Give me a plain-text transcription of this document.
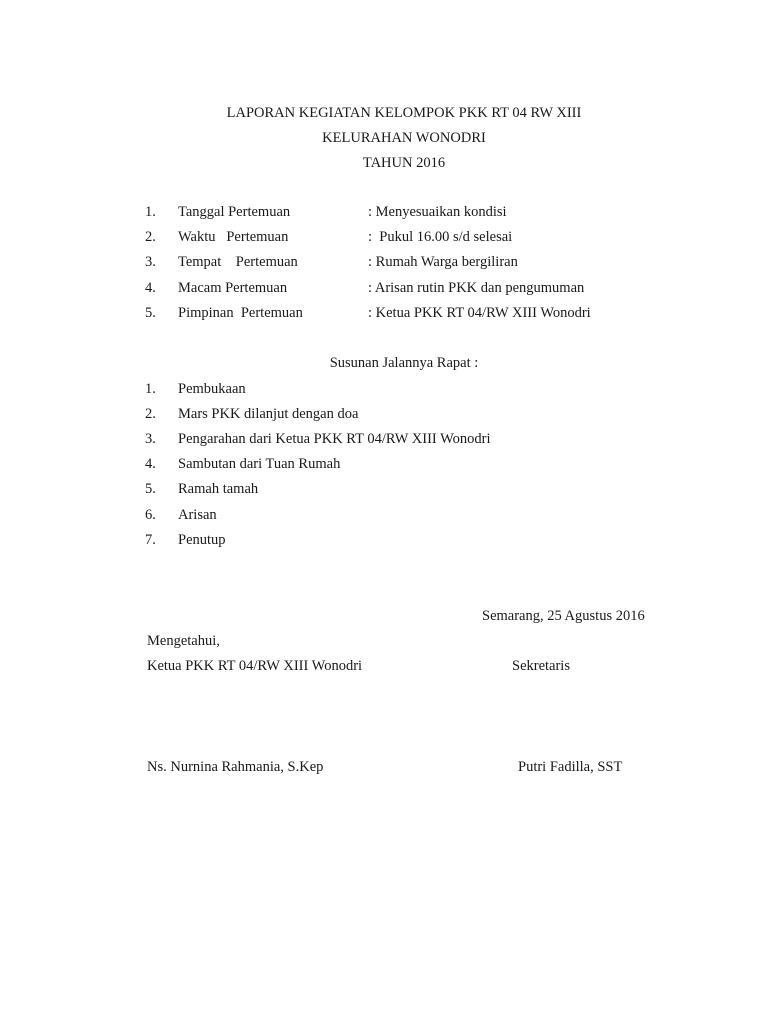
LAPORAN KEGIATAN KELOMPOK PKK RT 04 RW XIII
KELURAHAN WONODRI
TAHUN 2016
1. Tanggal Pertemuan	: Menyesuaikan kondisi
2. Waktu   Pertemuan	:  Pukul 16.00 s/d selesai
3. Tempat    Pertemuan	: Rumah Warga bergiliran
4. Macam Pertemuan	: Arisan rutin PKK dan pengumuman
5. Pimpinan  Pertemuan	: Ketua PKK RT 04/RW XIII Wonodri
Susunan Jalannya Rapat :
1. Pembukaan
2. Mars PKK dilanjut dengan doa
3. Pengarahan dari Ketua PKK RT 04/RW XIII Wonodri
4. Sambutan dari Tuan Rumah
5. Ramah tamah
6. Arisan
7. Penutup
Semarang, 25 Agustus 2016
Mengetahui,
Ketua PKK RT 04/RW XIII Wonodri	Sekretaris
Ns. Nurnina Rahmania, S.Kep	Putri Fadilla, SST
